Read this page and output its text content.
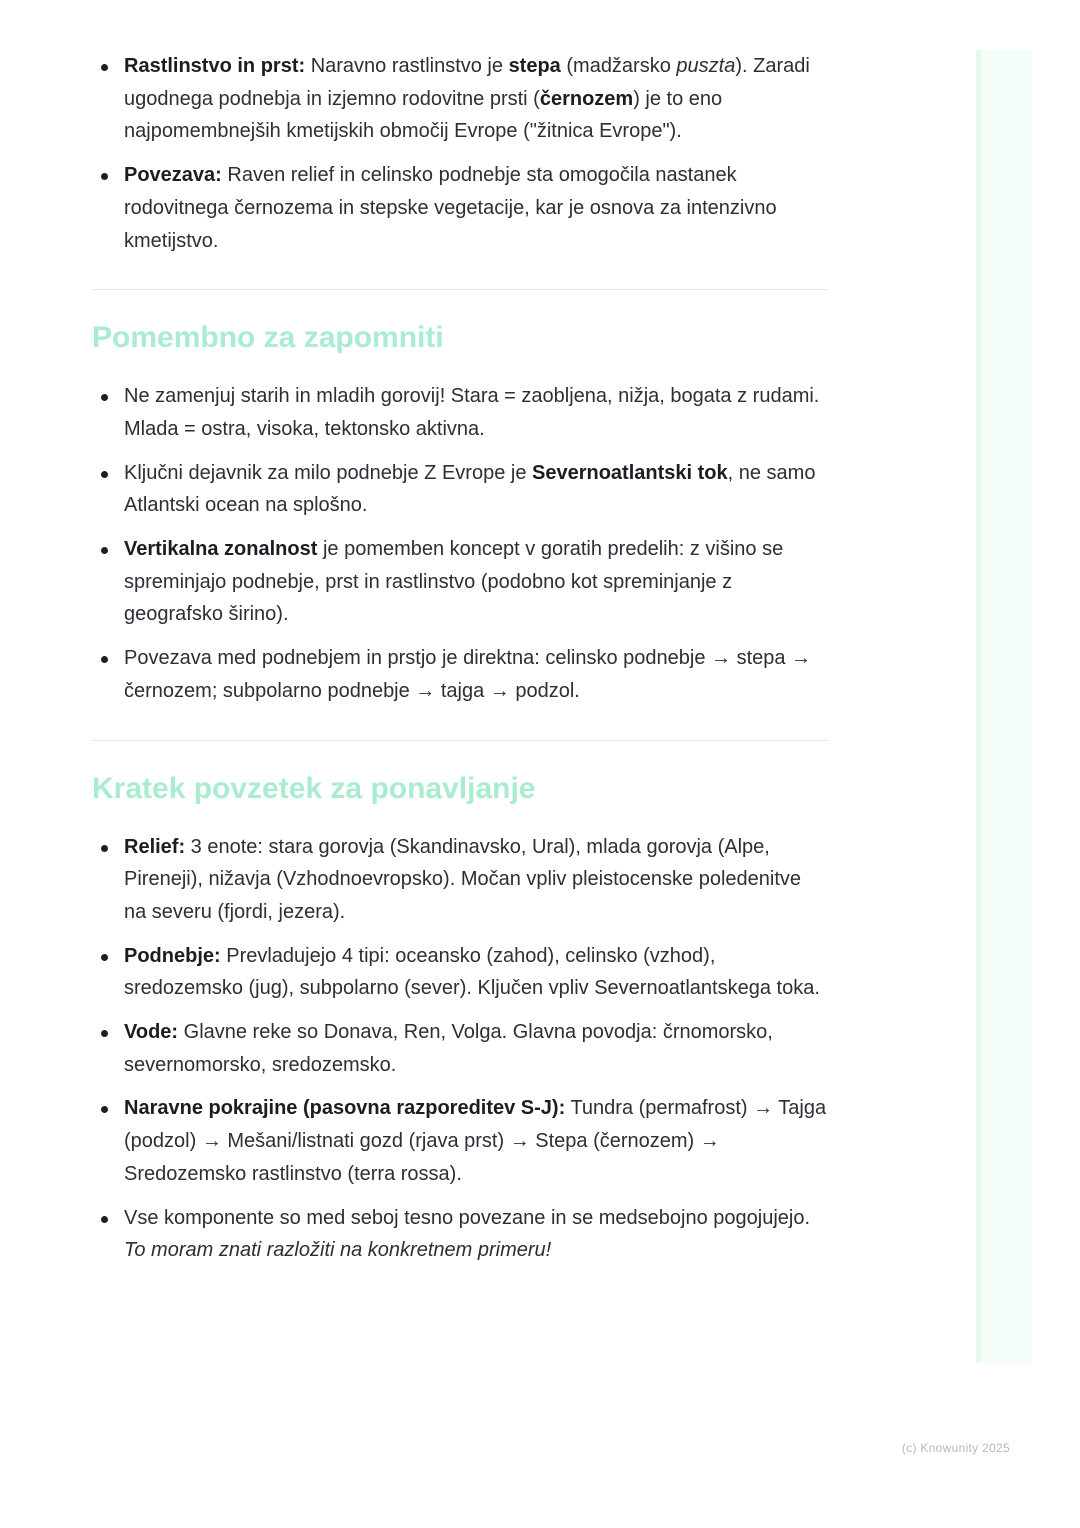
Rastlinstvo in prst: Naravno rastlinstvo je stepa (madžarsko puszta). Zaradi ugodnega podnebja in izjemno rodovitne prsti (černozem) je to eno najpomembnejših kmetijskih območij Evrope ("žitnica Evrope").
Povezava: Raven relief in celinsko podnebje sta omogočila nastanek rodovitnega černozema in stepske vegetacije, kar je osnova za intenzivno kmetijstvo.
Pomembno za zapomniti
Ne zamenjuj starih in mladih gorovij! Stara = zaobljena, nižja, bogata z rudami. Mlada = ostra, visoka, tektonsko aktivna.
Ključni dejavnik za milo podnebje Z Evrope je Severnoatlantski tok, ne samo Atlantski ocean na splošno.
Vertikalna zonalnost je pomemben koncept v goratih predelih: z višino se spreminjajo podnebje, prst in rastlinstvo (podobno kot spreminjanje z geografsko širino).
Povezava med podnebjem in prstjo je direktna: celinsko podnebje → stepa → černozem; subpolarno podnebje → tajga → podzol.
Kratek povzetek za ponavljanje
Relief: 3 enote: stara gorovja (Skandinavsko, Ural), mlada gorovja (Alpe, Pireneji), nižavja (Vzhodnoevropsko). Močan vpliv pleistocenske poledenitve na severu (fjordi, jezera).
Podnebje: Prevladujejo 4 tipi: oceansko (zahod), celinsko (vzhod), sredozemsko (jug), subpolarno (sever). Ključen vpliv Severnoatlantskega toka.
Vode: Glavne reke so Donava, Ren, Volga. Glavna povodja: črnomorsko, severnomorsko, sredozemsko.
Naravne pokrajine (pasovna razporeditev S-J): Tundra (permafrost) → Tajga (podzol) → Mešani/listnati gozd (rjava prst) → Stepa (černozem) → Sredozemsko rastlinstvo (terra rossa).
Vse komponente so med seboj tesno povezane in se medsebojno pogojujejo. To moram znati razložiti na konkretnem primeru!
(c) Knowunity 2025
